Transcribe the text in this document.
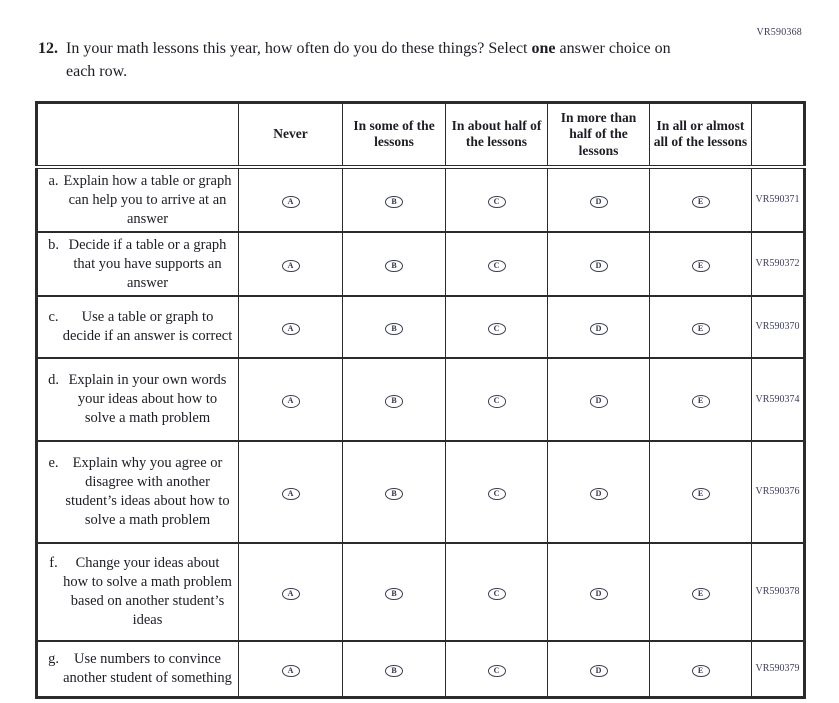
VR590368
12. In your math lessons this year, how often do you do these things? Select one answer choice on each row.
	Never	In some of the lessons	In about half of the lessons	In more than half of the lessons	In all or almost all of the lessons	

a. Explain how a table or graph can help you to arrive at an answer	A	B	C	D	E	VR590371

b. Decide if a table or a graph that you have supports an answer	A	B	C	D	E	VR590372

c. Use a table or graph to decide if an answer is correct	A	B	C	D	E	VR590370

d. Explain in your own words your ideas about how to solve a math problem	A	B	C	D	E	VR590374

e. Explain why you agree or disagree with another student’s ideas about how to solve a math problem	A	B	C	D	E	VR590376

f. Change your ideas about how to solve a math problem based on another student’s ideas	A	B	C	D	E	VR590378

g. Use numbers to convince another student of something	A	B	C	D	E	VR590379
